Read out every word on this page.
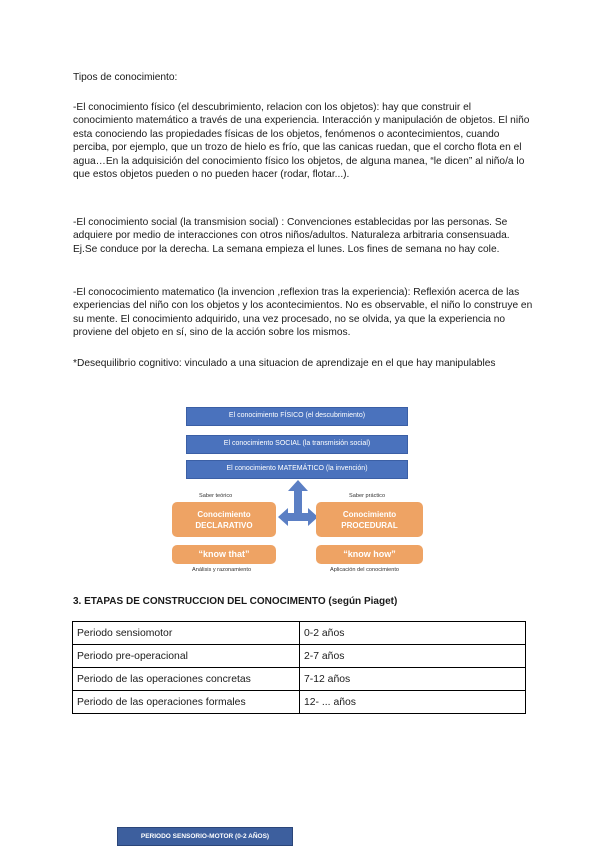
Tipos de conocimiento:

-El conocimiento físico (el descubrimiento, relacion con los objetos): hay que construir el conocimiento matemático a través de una experiencia. Interacción y manipulación de objetos. El niño esta conociendo las propiedades físicas de los objetos, fenómenos o acontecimientos, cuando perciba, por ejemplo, que un trozo de hielo es frío, que las canicas ruedan, que el corcho flota en el agua…En la adquisición del conocimiento físico los objetos, de alguna manea, “le dicen” al niño/a lo que estos objetos pueden o no pueden hacer (rodar, flotar...).

-El conocimiento social (la transmision social) : Convenciones establecidas por las personas. Se adquiere por medio de interacciones con otros niños/adultos. Naturaleza arbitraria consensuada. Ej.Se conduce por la derecha. La semana empieza el lunes. Los fines de semana no hay cole.

-El conococimiento matematico (la invencion ,reflexion tras la experiencia): Reflexión acerca de las experiencias del niño con los objetos y los acontecimientos. No es observable, el niño lo construye en su mente. El conocimiento adquirido, una vez procesado, no se olvida, ya que la experiencia no proviene del objeto en sí, sino de la acción sobre los mismos.

*Desequilibrio cognitivo: vinculado a una situacion de aprendizaje en el que hay manipulables

El conocimiento FÍSICO (el descubrimiento)
El conocimiento SOCIAL (la transmisión social)
El conocimiento MATEMÁTICO (la invención)
Saber teórico	Saber práctico
Conocimiento
DECLARATIVO
Conocimiento
PROCEDURAL
“know that”	“know how”
Análisis y razonamiento	Aplicación del conocimiento
3. ETAPAS DE CONSTRUCCION DEL CONOCIMENTO (según Piaget)
Periodo sensiomotor	0-2 años
Periodo pre-operacional	2-7 años
Periodo de las operaciones concretas	7-12 años
Periodo de las operaciones formales	12- ... años
PERIODO SENSORIO-MOTOR (0-2 AÑOS)
